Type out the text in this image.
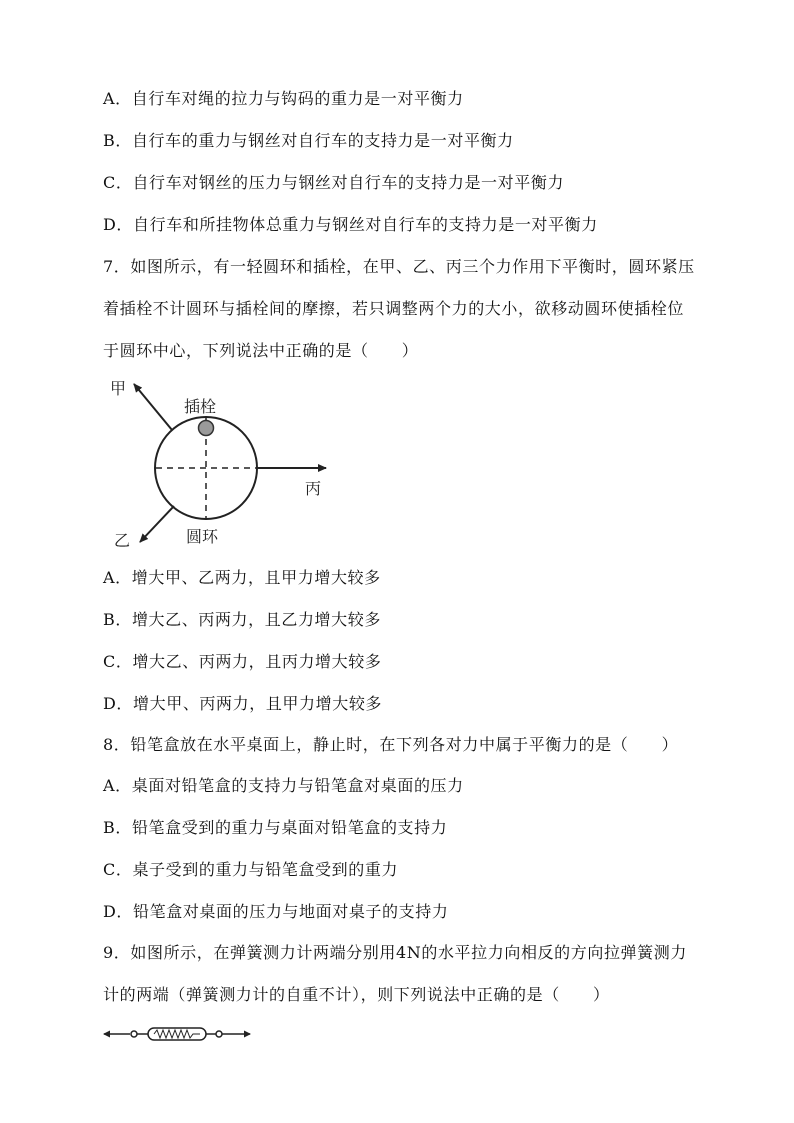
A．自行车对绳的拉力与钩码的重力是一对平衡力
B．自行车的重力与钢丝对自行车的支持力是一对平衡力
C．自行车对钢丝的压力与钢丝对自行车的支持力是一对平衡力
D．自行车和所挂物体总重力与钢丝对自行车的支持力是一对平衡力
7．如图所示，有一轻圆环和插栓，在甲、乙、丙三个力作用下平衡时，圆环紧压
着插栓不计圆环与插栓间的摩擦，若只调整两个力的大小，欲移动圆环使插栓位
于圆环中心，下列说法中正确的是（　　）
甲
乙
丙
插栓
圆环
A．增大甲、乙两力，且甲力增大较多
B．增大乙、丙两力，且乙力增大较多
C．增大乙、丙两力，且丙力增大较多
D．增大甲、丙两力，且甲力增大较多
8．铅笔盒放在水平桌面上，静止时，在下列各对力中属于平衡力的是（　　）
A．桌面对铅笔盒的支持力与铅笔盒对桌面的压力
B．铅笔盒受到的重力与桌面对铅笔盒的支持力
C．桌子受到的重力与铅笔盒受到的重力
D．铅笔盒对桌面的压力与地面对桌子的支持力
9．如图所示，在弹簧测力计两端分别用4N的水平拉力向相反的方向拉弹簧测力
计的两端（弹簧测力计的自重不计），则下列说法中正确的是（　　）
